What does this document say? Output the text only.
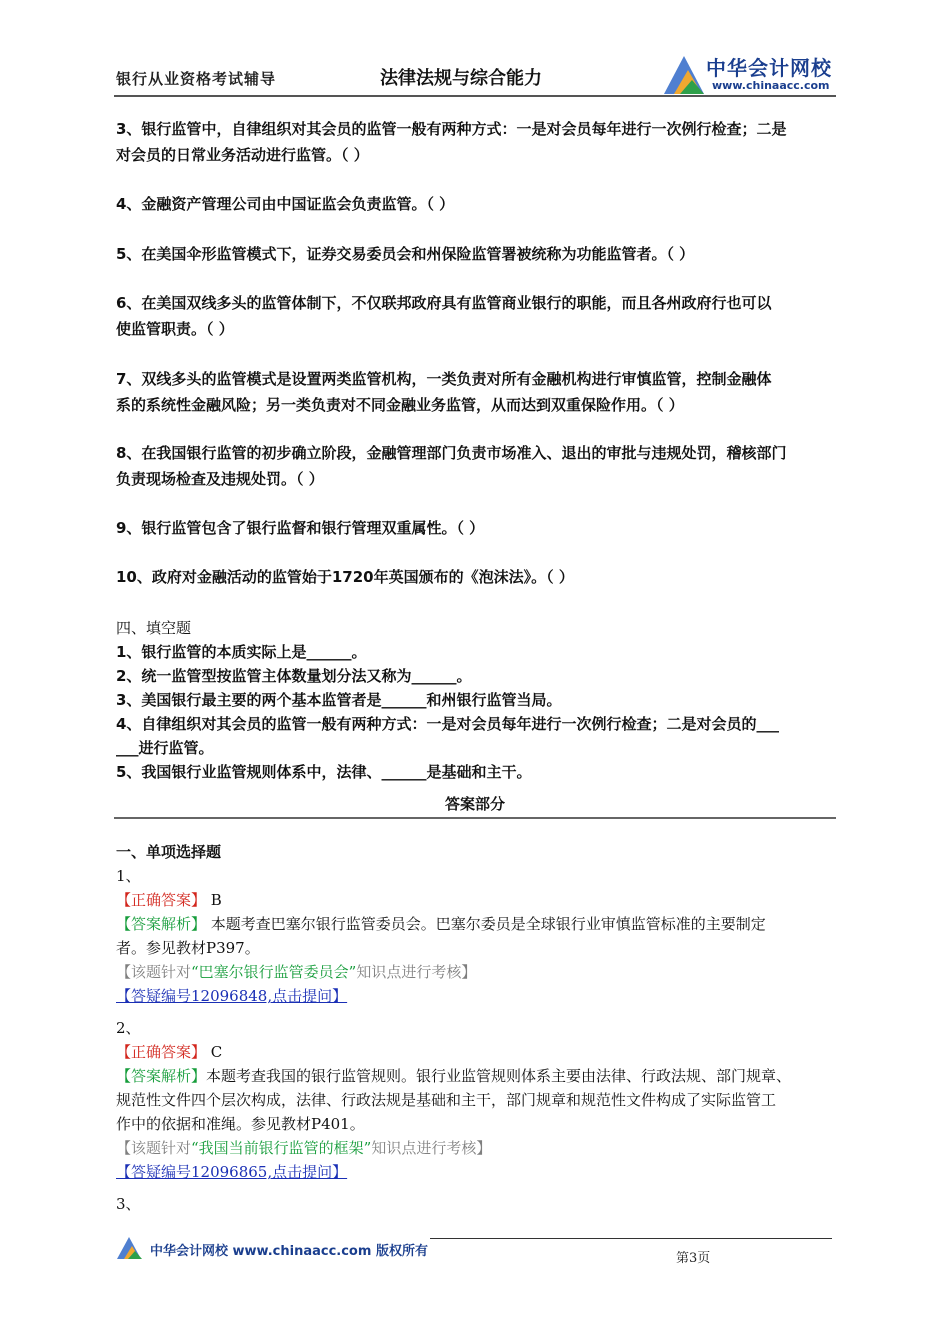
银行从业资格考试辅导	法律法规与综合能力	中华会计网校
www.chinaacc.com
3、银行监管中，自律组织对其会员的监管一般有两种方式：一是对会员每年进行一次例行检查；二是
对会员的日常业务活动进行监管。（ ）
4、金融资产管理公司由中国证监会负责监管。（ ）
5、在美国伞形监管模式下，证券交易委员会和州保险监管署被统称为功能监管者。（ ）
6、在美国双线多头的监管体制下，不仅联邦政府具有监管商业银行的职能，而且各州政府行也可以
使监管职责。（ ）
7、双线多头的监管模式是设置两类监管机构，一类负责对所有金融机构进行审慎监管，控制金融体
系的系统性金融风险；另一类负责对不同金融业务监管，从而达到双重保险作用。（ ）
8、在我国银行监管的初步确立阶段，金融管理部门负责市场准入、退出的审批与违规处罚，稽核部门
负责现场检查及违规处罚。（ ）
9、银行监管包含了银行监督和银行管理双重属性。（ ）
10、政府对金融活动的监管始于1720年英国颁布的《泡沫法》。（ ）
四、填空题
1、银行监管的本质实际上是______。
2、统一监管型按监管主体数量划分法又称为______。
3、美国银行最主要的两个基本监管者是______和州银行监管当局。
4、自律组织对其会员的监管一般有两种方式：一是对会员每年进行一次例行检查；二是对会员的___
___进行监管。
5、我国银行业监管规则体系中，法律、______是基础和主干。
答案部分
一、单项选择题
1、
【正确答案】 B
【答案解析】 本题考查巴塞尔银行监管委员会。巴塞尔委员是全球银行业审慎监管标准的主要制定
者。参见教材P397。
【该题针对“巴塞尔银行监管委员会”知识点进行考核】
【答疑编号12096848,点击提问】
2、
【正确答案】 C
【答案解析】本题考查我国的银行监管规则。银行业监管规则体系主要由法律、行政法规、部门规章、
规范性文件四个层次构成，法律、行政法规是基础和主干，部门规章和规范性文件构成了实际监管工
作中的依据和准绳。参见教材P401。
【该题针对“我国当前银行监管的框架”知识点进行考核】
【答疑编号12096865,点击提问】
3、
中华会计网校 www.chinaacc.com 版权所有	第3页
